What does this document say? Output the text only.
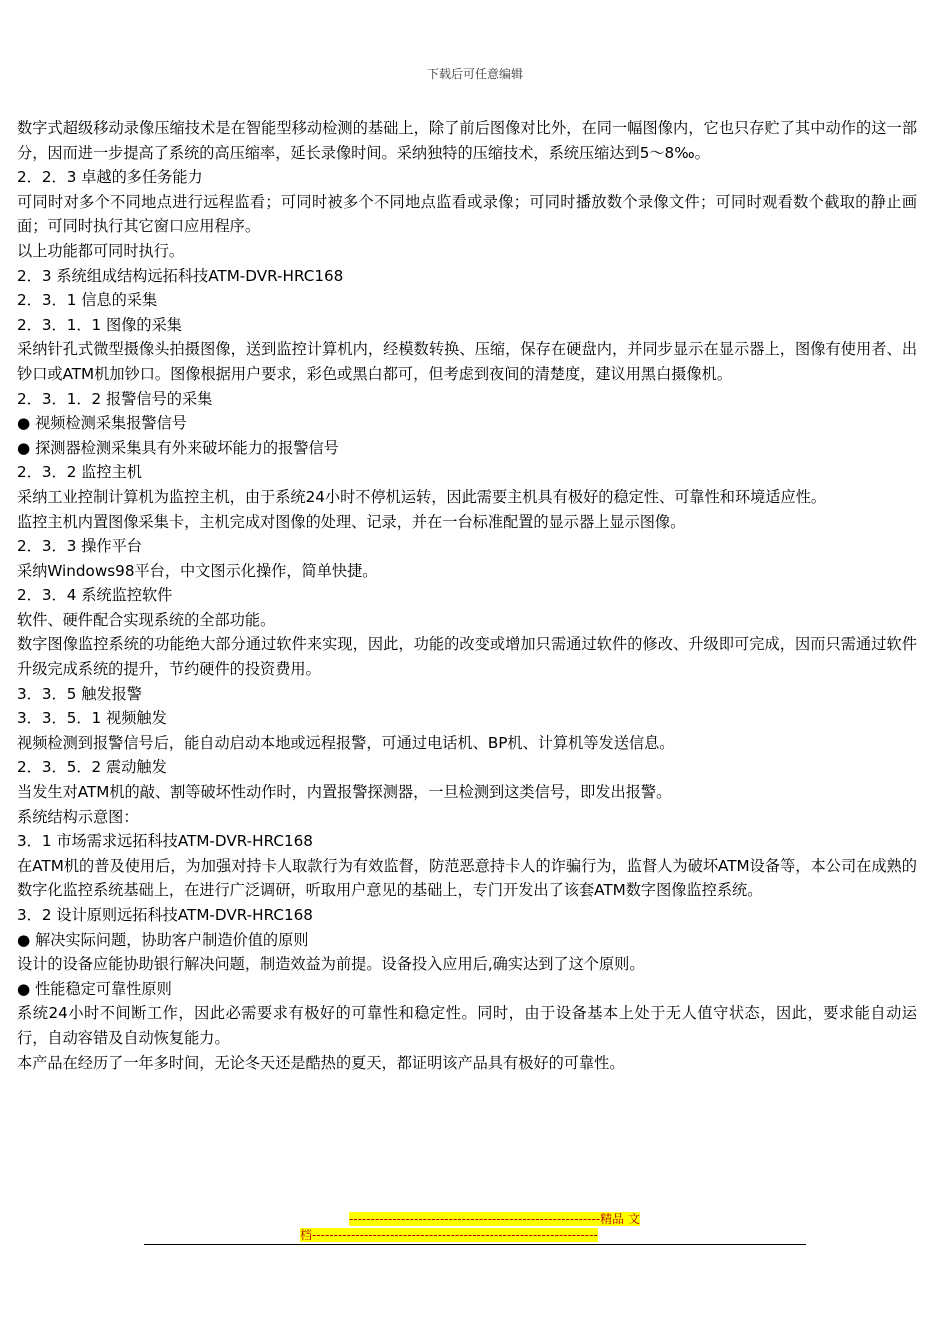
下载后可任意编辑

数字式超级移动录像压缩技术是在智能型移动检测的基础上，除了前后图像对比外，在同一幅图像内，它也只存贮了其中动作的这一部分，因而进一步提高了系统的高压缩率，延长录像时间。采纳独特的压缩技术，系统压缩达到5～8‰。

2．2．3 卓越的多任务能力

可同时对多个不同地点进行远程监看；可同时被多个不同地点监看或录像；可同时播放数个录像文件；可同时观看数个截取的静止画面；可同时执行其它窗口应用程序。

以上功能都可同时执行。

2．3 系统组成结构远拓科技ATM-DVR-HRC168

2．3．1 信息的采集

2．3．1．1 图像的采集

采纳针孔式微型摄像头拍摄图像，送到监控计算机内，经模数转换、压缩，保存在硬盘内，并同步显示在显示器上，图像有使用者、出钞口或ATM机加钞口。图像根据用户要求，彩色或黑白都可，但考虑到夜间的清楚度，建议用黑白摄像机。

2．3．1．2 报警信号的采集

● 视频检测采集报警信号

● 探测器检测采集具有外来破坏能力的报警信号

2．3．2 监控主机

采纳工业控制计算机为监控主机，由于系统24小时不停机运转，因此需要主机具有极好的稳定性、可靠性和环境适应性。

监控主机内置图像采集卡，主机完成对图像的处理、记录，并在一台标准配置的显示器上显示图像。

2．3．3 操作平台

采纳Windows98平台，中文图示化操作，简单快捷。

2．3．4 系统监控软件

软件、硬件配合实现系统的全部功能。

数字图像监控系统的功能绝大部分通过软件来实现，因此，功能的改变或增加只需通过软件的修改、升级即可完成，因而只需通过软件升级完成系统的提升，节约硬件的投资费用。

3．3．5 触发报警

3．3．5．1 视频触发

视频检测到报警信号后，能自动启动本地或远程报警，可通过电话机、BP机、计算机等发送信息。

2．3．5．2 震动触发

当发生对ATM机的敲、割等破坏性动作时，内置报警探测器，一旦检测到这类信号，即发出报警。

系统结构示意图：

3．1 市场需求远拓科技ATM-DVR-HRC168

在ATM机的普及使用后，为加强对持卡人取款行为有效监督，防范恶意持卡人的诈骗行为，监督人为破坏ATM设备等，本公司在成熟的数字化监控系统基础上，在进行广泛调研，听取用户意见的基础上，专门开发出了该套ATM数字图像监控系统。

3．2 设计原则远拓科技ATM-DVR-HRC168

● 解决实际问题，协助客户制造价值的原则

设计的设备应能协助银行解决问题，制造效益为前提。设备投入应用后,确实达到了这个原则。

● 性能稳定可靠性原则

系统24小时不间断工作，因此必需要求有极好的可靠性和稳定性。同时，由于设备基本上处于无人值守状态，因此，要求能自动运行，自动容错及自动恢复能力。

本产品在经历了一年多时间，无论冬天还是酷热的夏天，都证明该产品具有极好的可靠性。

----------------------------------------------------------精品 文
档------------------------------------------------------------------
